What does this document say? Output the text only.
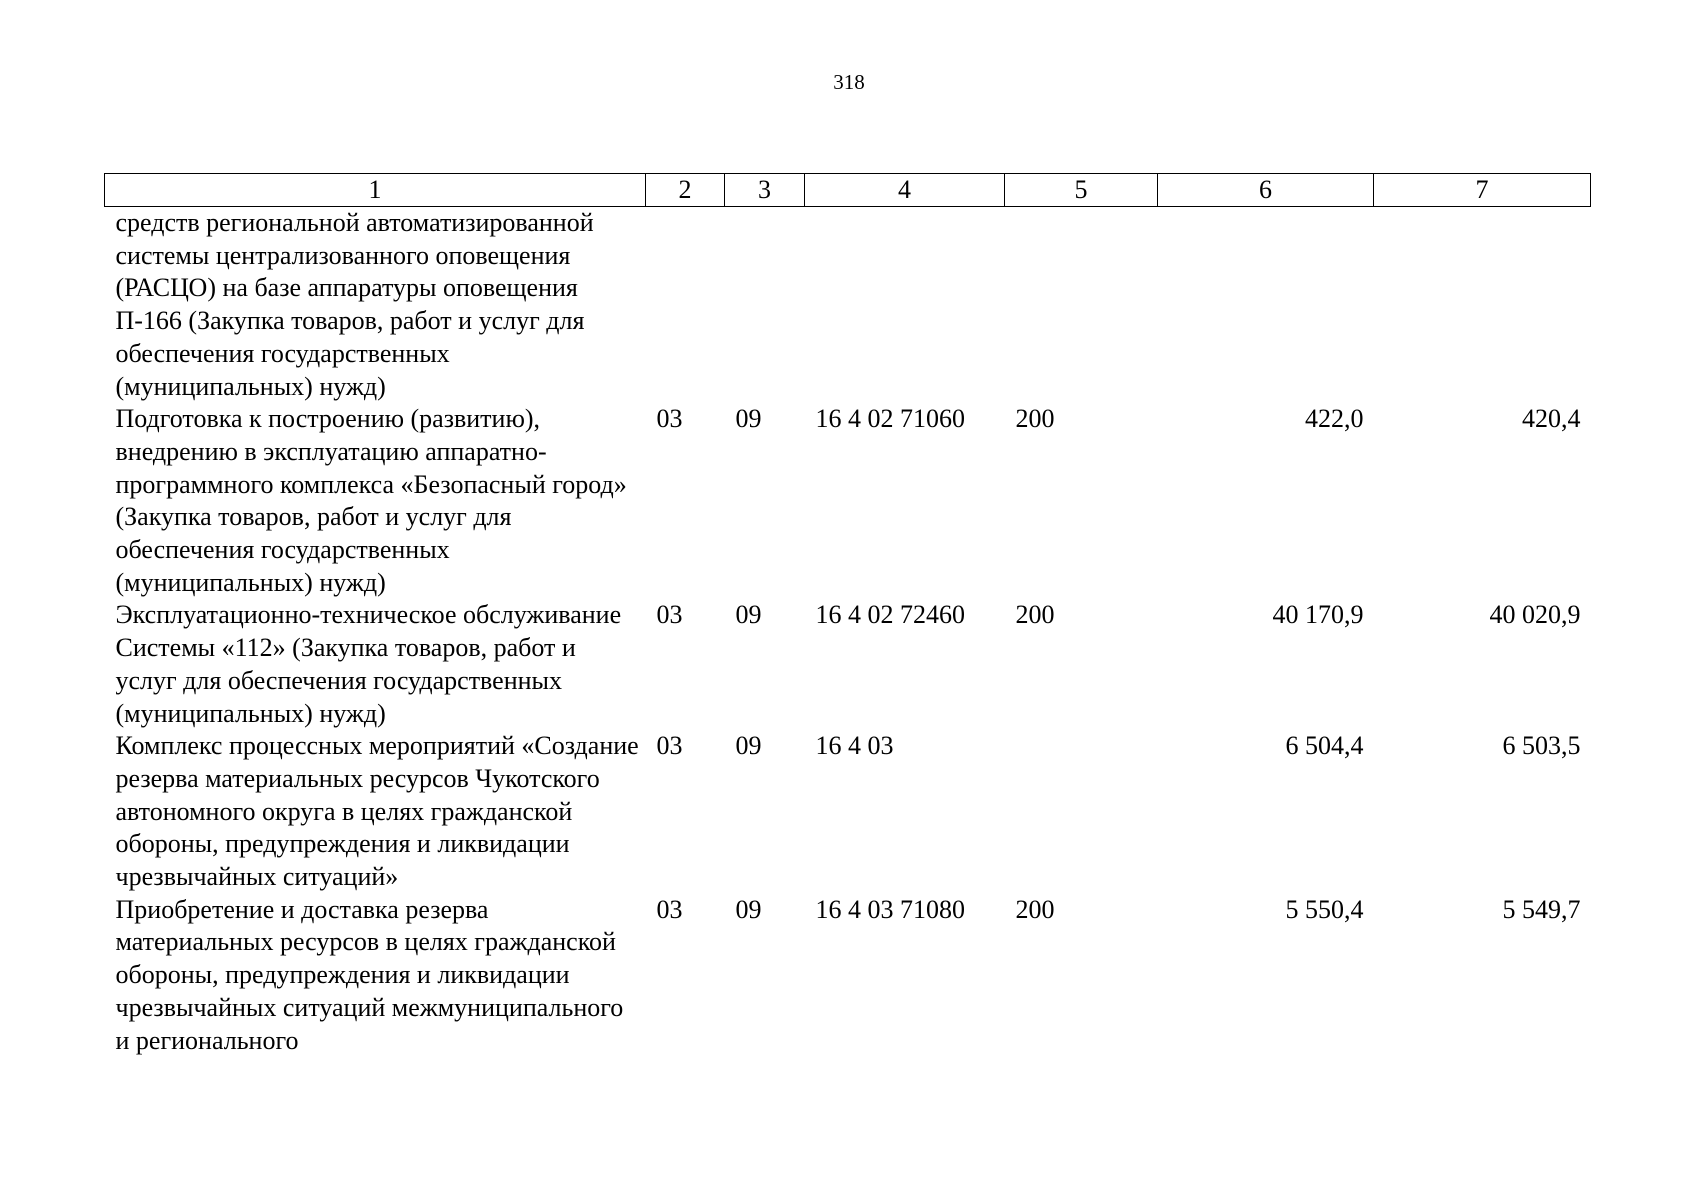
318
1	2	3	4	5	6	7
средств региональной автоматизированной системы централизованного оповещения (РАСЦО) на базе аппаратуры оповещения П-166 (Закупка товаров, работ и услуг для обеспечения государственных (муниципальных) нужд)						
Подготовка к построению (развитию), внедрению в эксплуатацию аппаратно-программного комплекса «Безопасный город» (Закупка товаров, работ и услуг для обеспечения государственных (муниципальных) нужд)	03	09	16 4 02 71060	200	422,0	420,4
Эксплуатационно-техническое обслуживание Системы «112» (Закупка товаров, работ и услуг для обеспечения государственных (муниципальных) нужд)	03	09	16 4 02 72460	200	40 170,9	40 020,9
Комплекс процессных мероприятий «Создание резерва материальных ресурсов Чукотского автономного округа в целях гражданской обороны, предупреждения и ликвидации чрезвычайных ситуаций»	03	09	16 4 03		6 504,4	6 503,5
Приобретение и доставка резерва материальных ресурсов в целях гражданской обороны, предупреждения и ликвидации чрезвычайных ситуаций межмуниципального и регионального	03	09	16 4 03 71080	200	5 550,4	5 549,7
